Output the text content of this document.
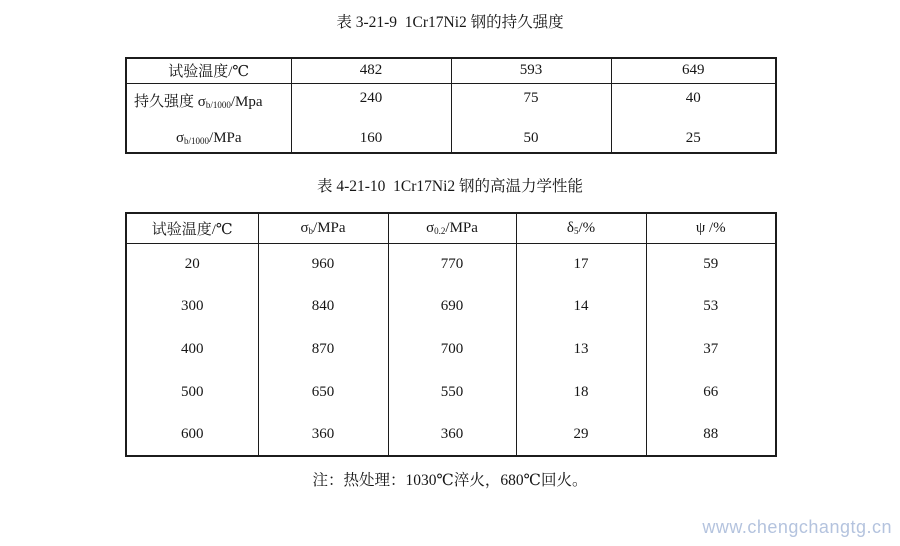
表 3-21-9  1Cr17Ni2 钢的持久强度
试验温度/℃	482	593	649
持久强度 $\sigma_{b/1000}$/Mpa	240	75	40
$\sigma_{b/1000}$/MPa	160	50	25
表 4-21-10  1Cr17Ni2 钢的高温力学性能
试验温度/℃	$\sigma_b$/MPa	$\sigma_{0.2}$/MPa	$\delta_5/\%$	ψ /%
20	960	770	17	59
300	840	690	14	53
400	870	700	13	37
500	650	550	18	66
600	360	360	29	88
注：热处理：1030℃淬火，680℃回火。
www.chengchangtg.cn
